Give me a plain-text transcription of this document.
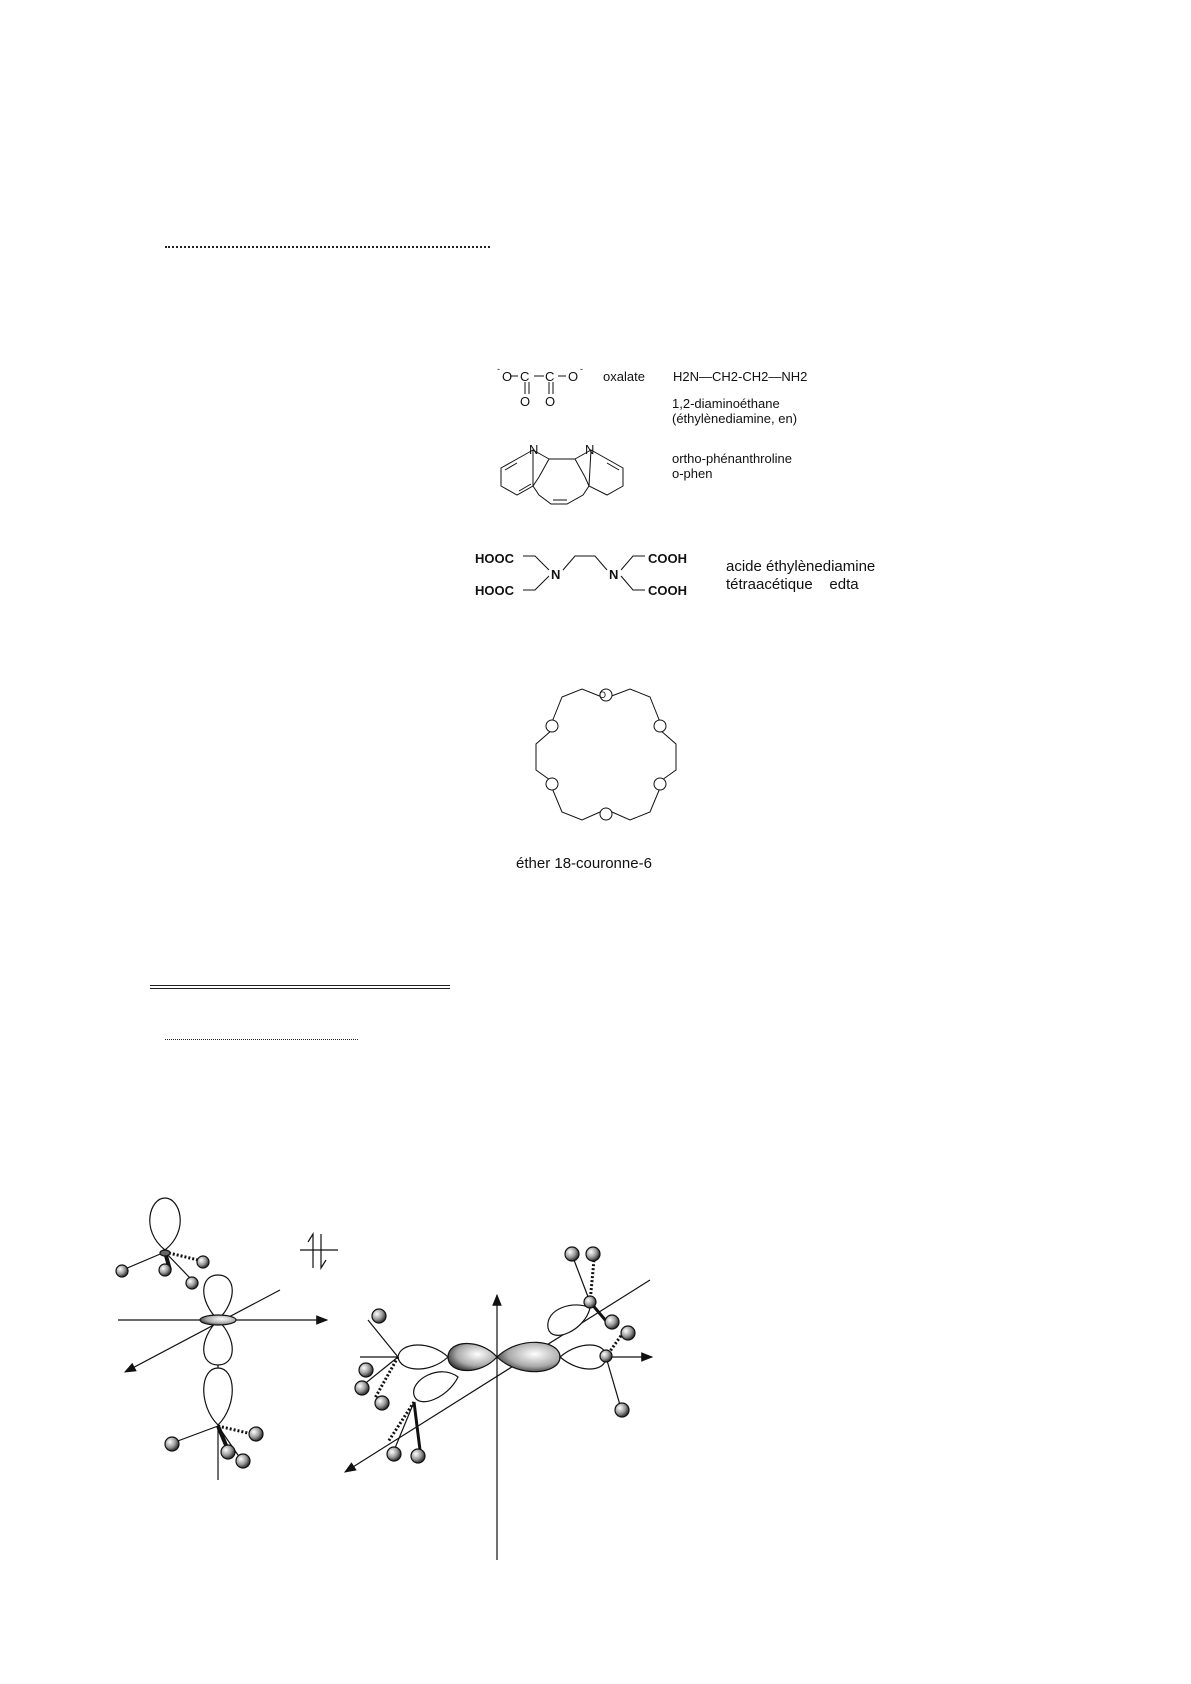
- O C C O -
O O
oxalate H2N—CH2-CH2—NH2
1,2-diaminoéthane
(éthylènediamine, en)
N	N
ortho-phénanthroline
o-phen
HOOC
HOOC
N	N
COOH
COOH
acide éthylènediamine
tétraacétique    edta
O
éther 18-couronne-6
